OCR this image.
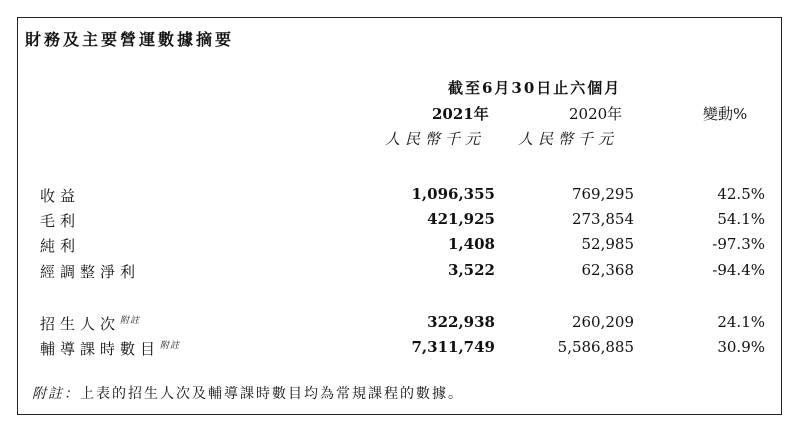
財務及主要營運數據摘要
截至6月30日止六個月
2021年	2020年	變動%
人民幣千元 人民幣千元
收益	1,096,355	769,295	42.5%
毛利	421,925	273,854	54.1%
純利	1,408	52,985	-97.3%
經調整淨利	3,522	62,368	-94.4%
招生人次$^{附註}$	322,938	260,209	24.1%
輔導課時數目$^{附註}$	7,311,749	5,586,885	30.9%
附註：上表的招生人次及輔導課時數目均為常規課程的數據。
